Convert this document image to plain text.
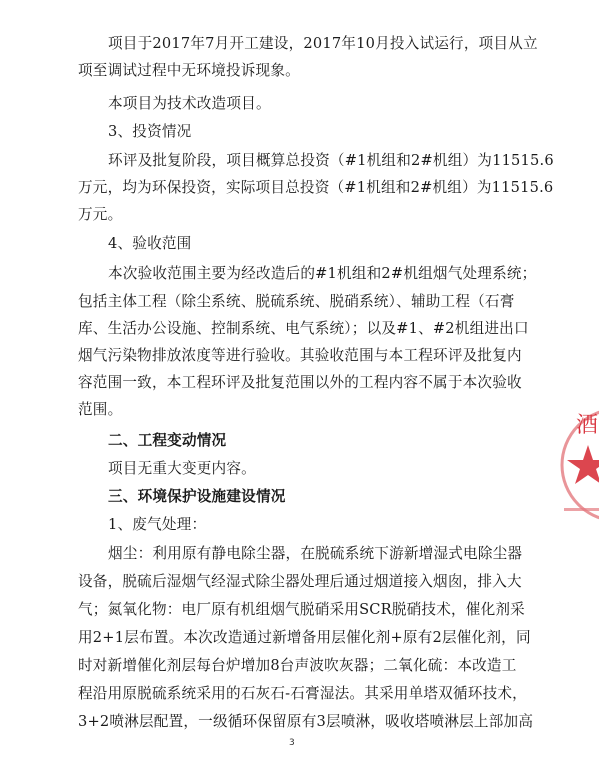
项目于2017年7月开工建设，2017年10月投入试运行，项目从立
项至调试过程中无环境投诉现象。
本项目为技术改造项目。
3、投资情况
环评及批复阶段，项目概算总投资（#1机组和2#机组）为11515.6
万元，均为环保投资，实际项目总投资（#1机组和2#机组）为11515.6
万元。
4、验收范围
本次验收范围主要为经改造后的#1机组和2#机组烟气处理系统；
包括主体工程（除尘系统、脱硫系统、脱硝系统）、辅助工程（石膏
库、生活办公设施、控制系统、电气系统）；以及#1、#2机组进出口
烟气污染物排放浓度等进行验收。其验收范围与本工程环评及批复内
容范围一致，本工程环评及批复范围以外的工程内容不属于本次验收
范围。
二、工程变动情况
项目无重大变更内容。
三、环境保护设施建设情况
1、废气处理：
烟尘：利用原有静电除尘器，在脱硫系统下游新增湿式电除尘器
设备，脱硫后湿烟气经湿式除尘器处理后通过烟道接入烟囱，排入大
气；氮氧化物：电厂原有机组烟气脱硝采用SCR脱硝技术，催化剂采
用2+1层布置。本次改造通过新增备用层催化剂+原有2层催化剂，同
时对新增催化剂层每台炉增加8台声波吹灰器；二氧化硫：本改造工
程沿用原脱硫系统采用的石灰石-石膏湿法。其采用单塔双循环技术，
3+2喷淋层配置，一级循环保留原有3层喷淋，吸收塔喷淋层上部加高
3
酒
